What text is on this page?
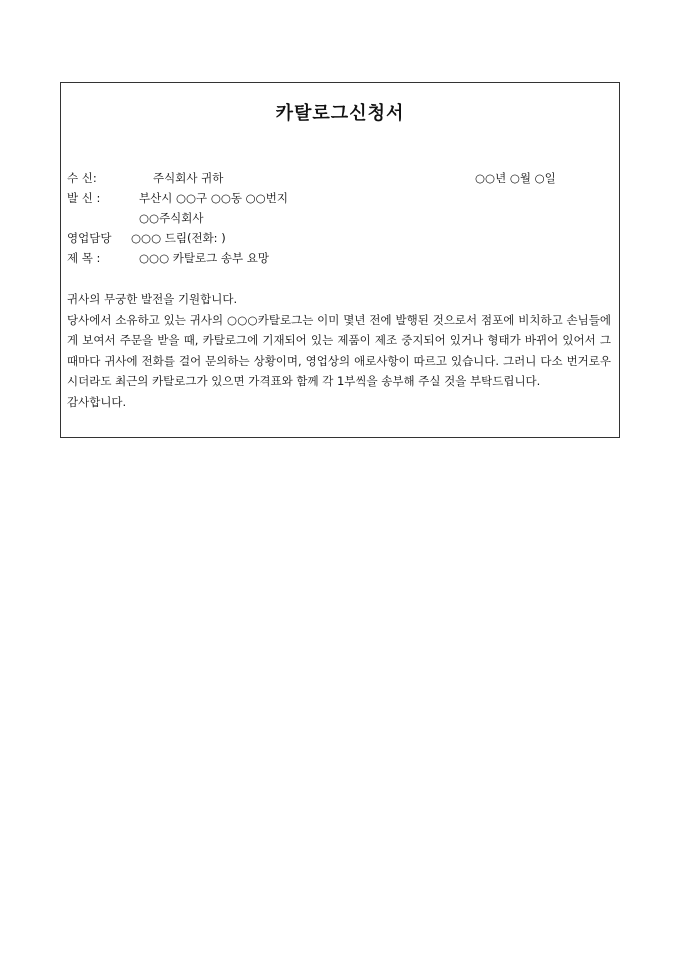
카탈로그신청서
수 신:	주식회사 귀하	○○년 ○월 ○일
발 신 :	부산시 ○○구 ○○동 ○○번지
○○주식회사
영업담당 ○○○ 드림(전화: )
제 목 :	○○○ 카탈로그 송부 요망

귀사의 무궁한 발전을 기원합니다.

당사에서 소유하고 있는 귀사의 ○○○카탈로그는 이미 몇년 전에 발행된 것으로서 점포에 비치하고 손님들에게 보여서 주문을 받을 때, 카탈로그에 기재되어 있는 제품이 제조 중지되어 있거나 형태가 바뀌어 있어서 그 때마다 귀사에 전화를 걸어 문의하는 상황이며, 영업상의 애로사항이 따르고 있습니다. 그러니 다소 번거로우시더라도 최근의 카탈로그가 있으면 가격표와 함께 각 1부씩을 송부해 주실 것을 부탁드립니다.

감사합니다.
